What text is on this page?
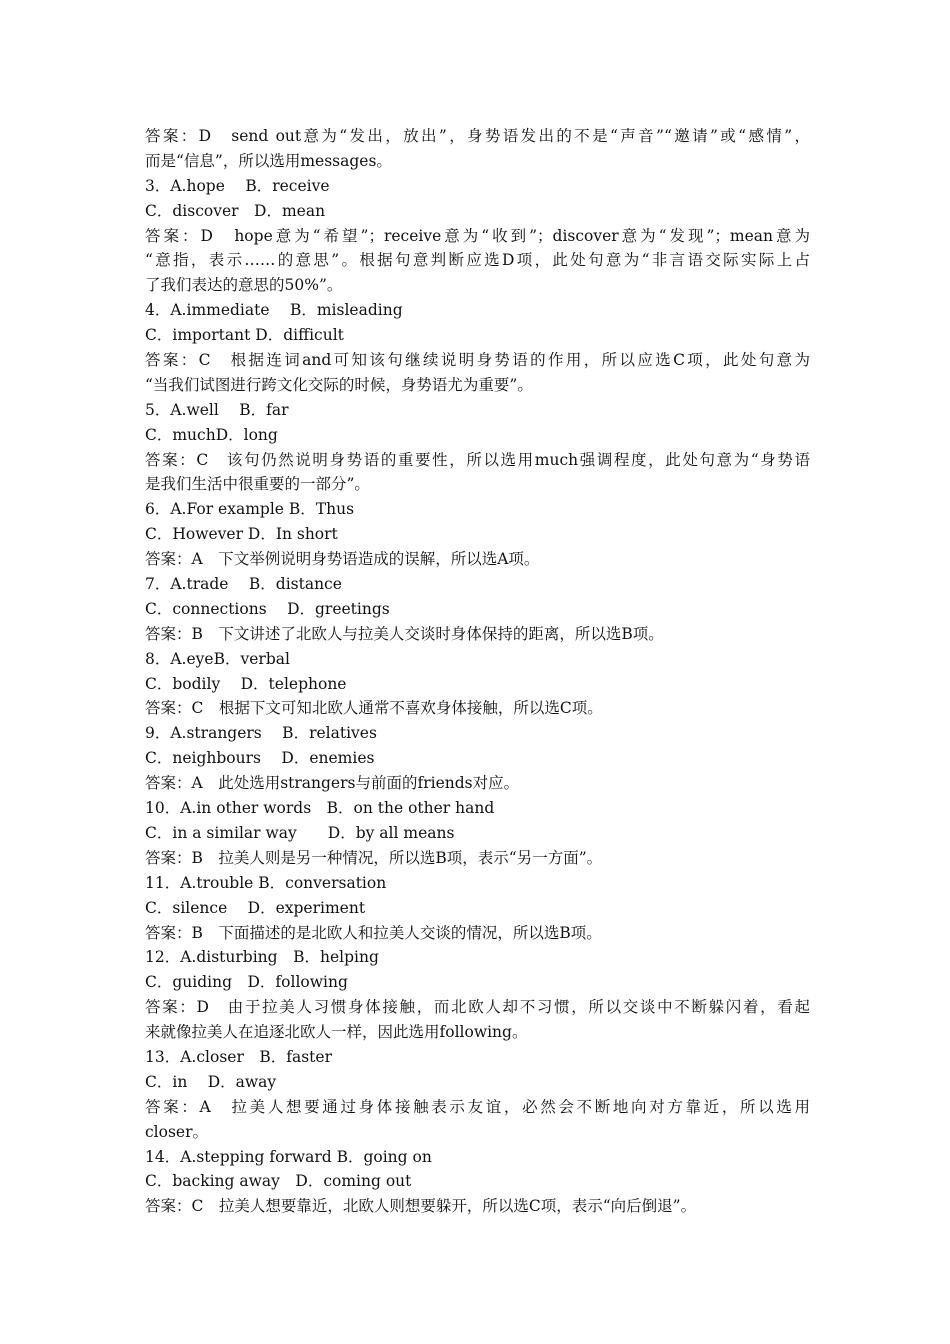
答案：D　send out意为“发出，放出”，身势语发出的不是“声音”“邀请”或“感情”，
而是“信息”，所以选用messages。
3．A.hope　 B．receive
C．discover　D．mean
答案：D　hope意为“希望”；receive意为“收到”；discover意为“发现”；mean意为
“意指，表示……的意思”。根据句意判断应选D项，此处句意为“非言语交际实际上占
了我们表达的意思的50%”。
4．A.immediate　 B．misleading
C．important D．difficult
答案：C　根据连词and可知该句继续说明身势语的作用，所以应选C项，此处句意为
“当我们试图进行跨文化交际的时候，身势语尤为重要”。
5．A.well　 B．far
C．muchD．long
答案：C　该句仍然说明身势语的重要性，所以选用much强调程度，此处句意为“身势语
是我们生活中很重要的一部分”。
6．A.For example B．Thus
C．However D．In short
答案：A　下文举例说明身势语造成的误解，所以选A项。
7．A.trade　 B．distance
C．connections　 D．greetings
答案：B　下文讲述了北欧人与拉美人交谈时身体保持的距离，所以选B项。
8．A.eyeB．verbal
C．bodily　 D．telephone
答案：C　根据下文可知北欧人通常不喜欢身体接触，所以选C项。
9．A.strangers　 B．relatives
C．neighbours　 D．enemies
答案：A　此处选用strangers与前面的friends对应。
10．A.in other words　B．on the other hand
C．in a similar way　　D．by all means
答案：B　拉美人则是另一种情况，所以选B项，表示“另一方面”。
11．A.trouble B．conversation
C．silence　 D．experiment
答案：B　下面描述的是北欧人和拉美人交谈的情况，所以选B项。
12．A.disturbing　B．helping
C．guiding　D．following
答案：D　由于拉美人习惯身体接触，而北欧人却不习惯，所以交谈中不断躲闪着，看起
来就像拉美人在追逐北欧人一样，因此选用following。
13．A.closer　B．faster
C．in　 D．away
答案：A　拉美人想要通过身体接触表示友谊，必然会不断地向对方靠近，所以选用
closer。
14．A.stepping forward B．going on
C．backing away　D．coming out
答案：C　拉美人想要靠近，北欧人则想要躲开，所以选C项，表示“向后倒退”。
